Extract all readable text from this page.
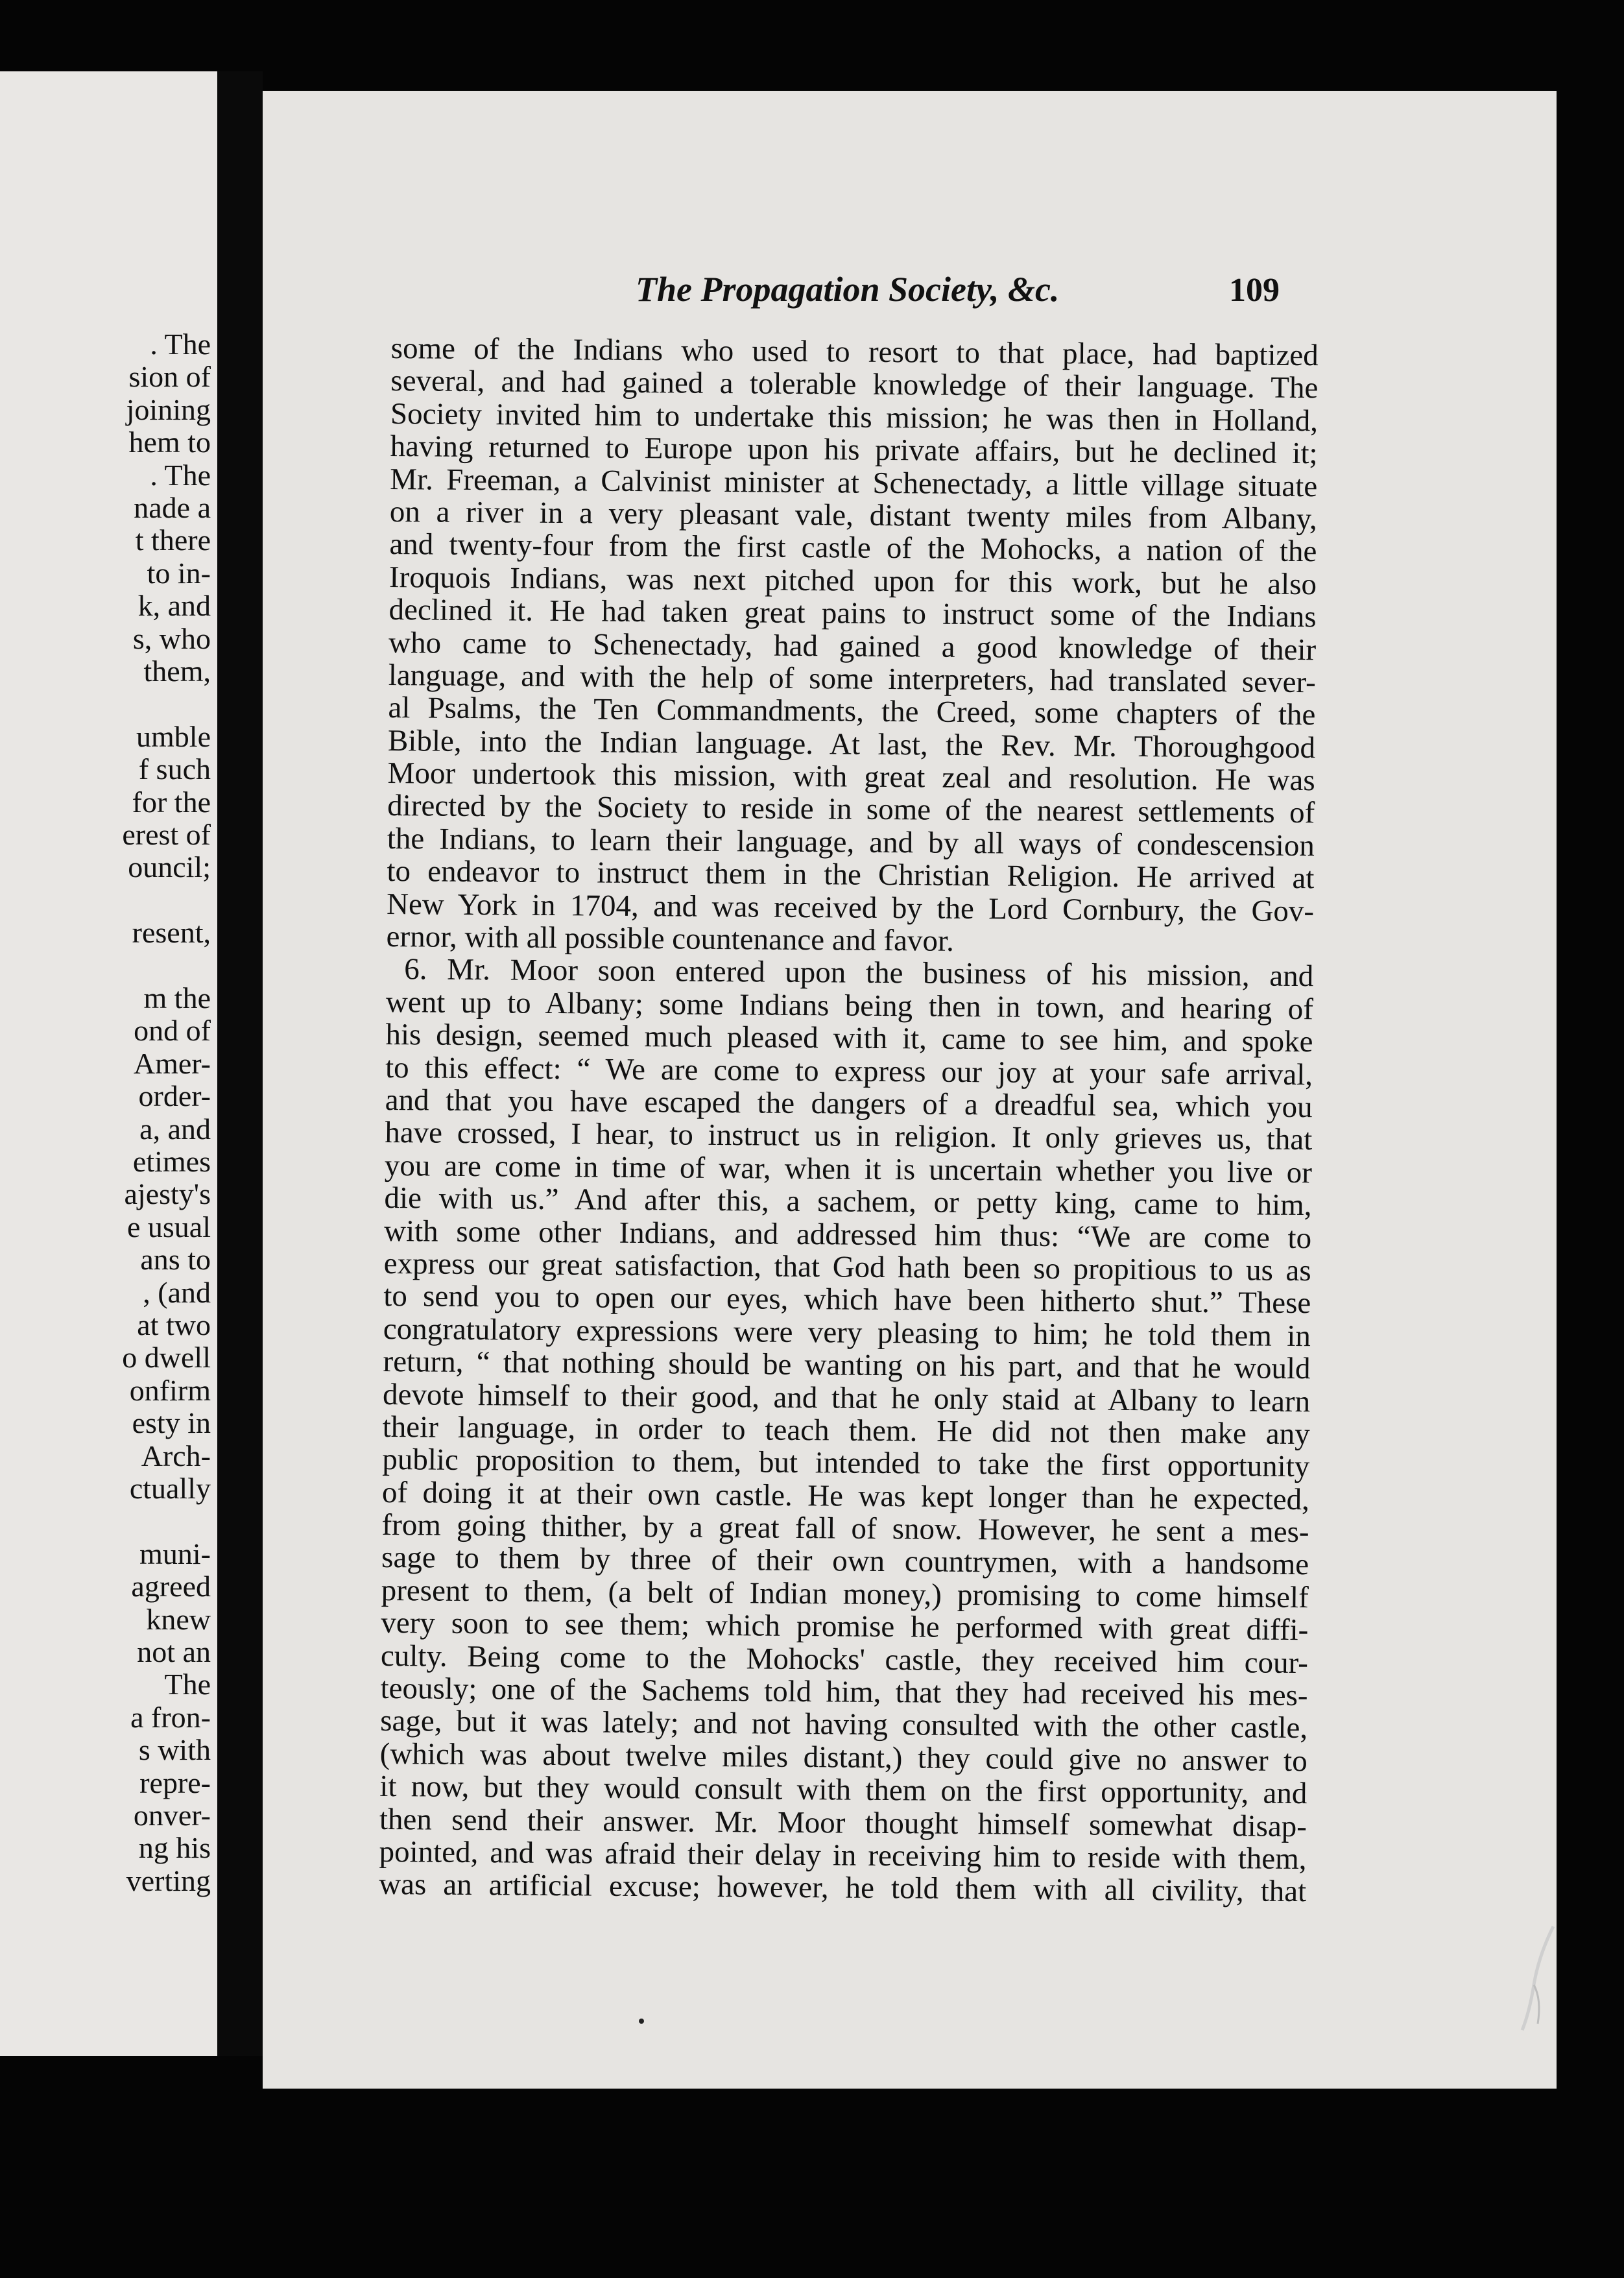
. The
sion of
joining
hem to
. The
nade a
t there
to in-
k, and
s, who
them,
umble
f such
for the
erest of
ouncil;
resent,
m the
ond of
Amer-
order-
a, and
etimes
ajesty's
e usual
ans to
, (and
at two
o dwell
onfirm
esty in
Arch-
ctually
muni-
agreed
knew
not an
The
a fron-
s with
repre-
onver-
ng his
verting
The Propagation Society, &c.	109
some of the Indians who used to resort to that place, had baptized
several, and had gained a tolerable knowledge of their language. The
Society invited him to undertake this mission; he was then in Holland,
having returned to Europe upon his private affairs, but he declined it;
Mr. Freeman, a Calvinist minister at Schenectady, a little village situate
on a river in a very pleasant vale, distant twenty miles from Albany,
and twenty-four from the first castle of the Mohocks, a nation of the
Iroquois Indians, was next pitched upon for this work, but he also
declined it. He had taken great pains to instruct some of the Indians
who came to Schenectady, had gained a good knowledge of their
language, and with the help of some interpreters, had translated sever-
al Psalms, the Ten Commandments, the Creed, some chapters of the
Bible, into the Indian language. At last, the Rev. Mr. Thoroughgood
Moor undertook this mission, with great zeal and resolution. He was
directed by the Society to reside in some of the nearest settlements of
the Indians, to learn their language, and by all ways of condescension
to endeavor to instruct them in the Christian Religion. He arrived at
New York in 1704, and was received by the Lord Cornbury, the Gov-
ernor, with all possible countenance and favor.
6. Mr. Moor soon entered upon the business of his mission, and
went up to Albany; some Indians being then in town, and hearing of
his design, seemed much pleased with it, came to see him, and spoke
to this effect: “ We are come to express our joy at your safe arrival,
and that you have escaped the dangers of a dreadful sea, which you
have crossed, I hear, to instruct us in religion. It only grieves us, that
you are come in time of war, when it is uncertain whether you live or
die with us.” And after this, a sachem, or petty king, came to him,
with some other Indians, and addressed him thus: “We are come to
express our great satisfaction, that God hath been so propitious to us as
to send you to open our eyes, which have been hitherto shut.” These
congratulatory expressions were very pleasing to him; he told them in
return, “ that nothing should be wanting on his part, and that he would
devote himself to their good, and that he only staid at Albany to learn
their language, in order to teach them. He did not then make any
public proposition to them, but intended to take the first opportunity
of doing it at their own castle. He was kept longer than he expected,
from going thither, by a great fall of snow. However, he sent a mes-
sage to them by three of their own countrymen, with a handsome
present to them, (a belt of Indian money,) promising to come himself
very soon to see them; which promise he performed with great diffi-
culty. Being come to the Mohocks' castle, they received him cour-
teously; one of the Sachems told him, that they had received his mes-
sage, but it was lately; and not having consulted with the other castle,
(which was about twelve miles distant,) they could give no answer to
it now, but they would consult with them on the first opportunity, and
then send their answer. Mr. Moor thought himself somewhat disap-
pointed, and was afraid their delay in receiving him to reside with them,
was an artificial excuse; however, he told them with all civility, that
